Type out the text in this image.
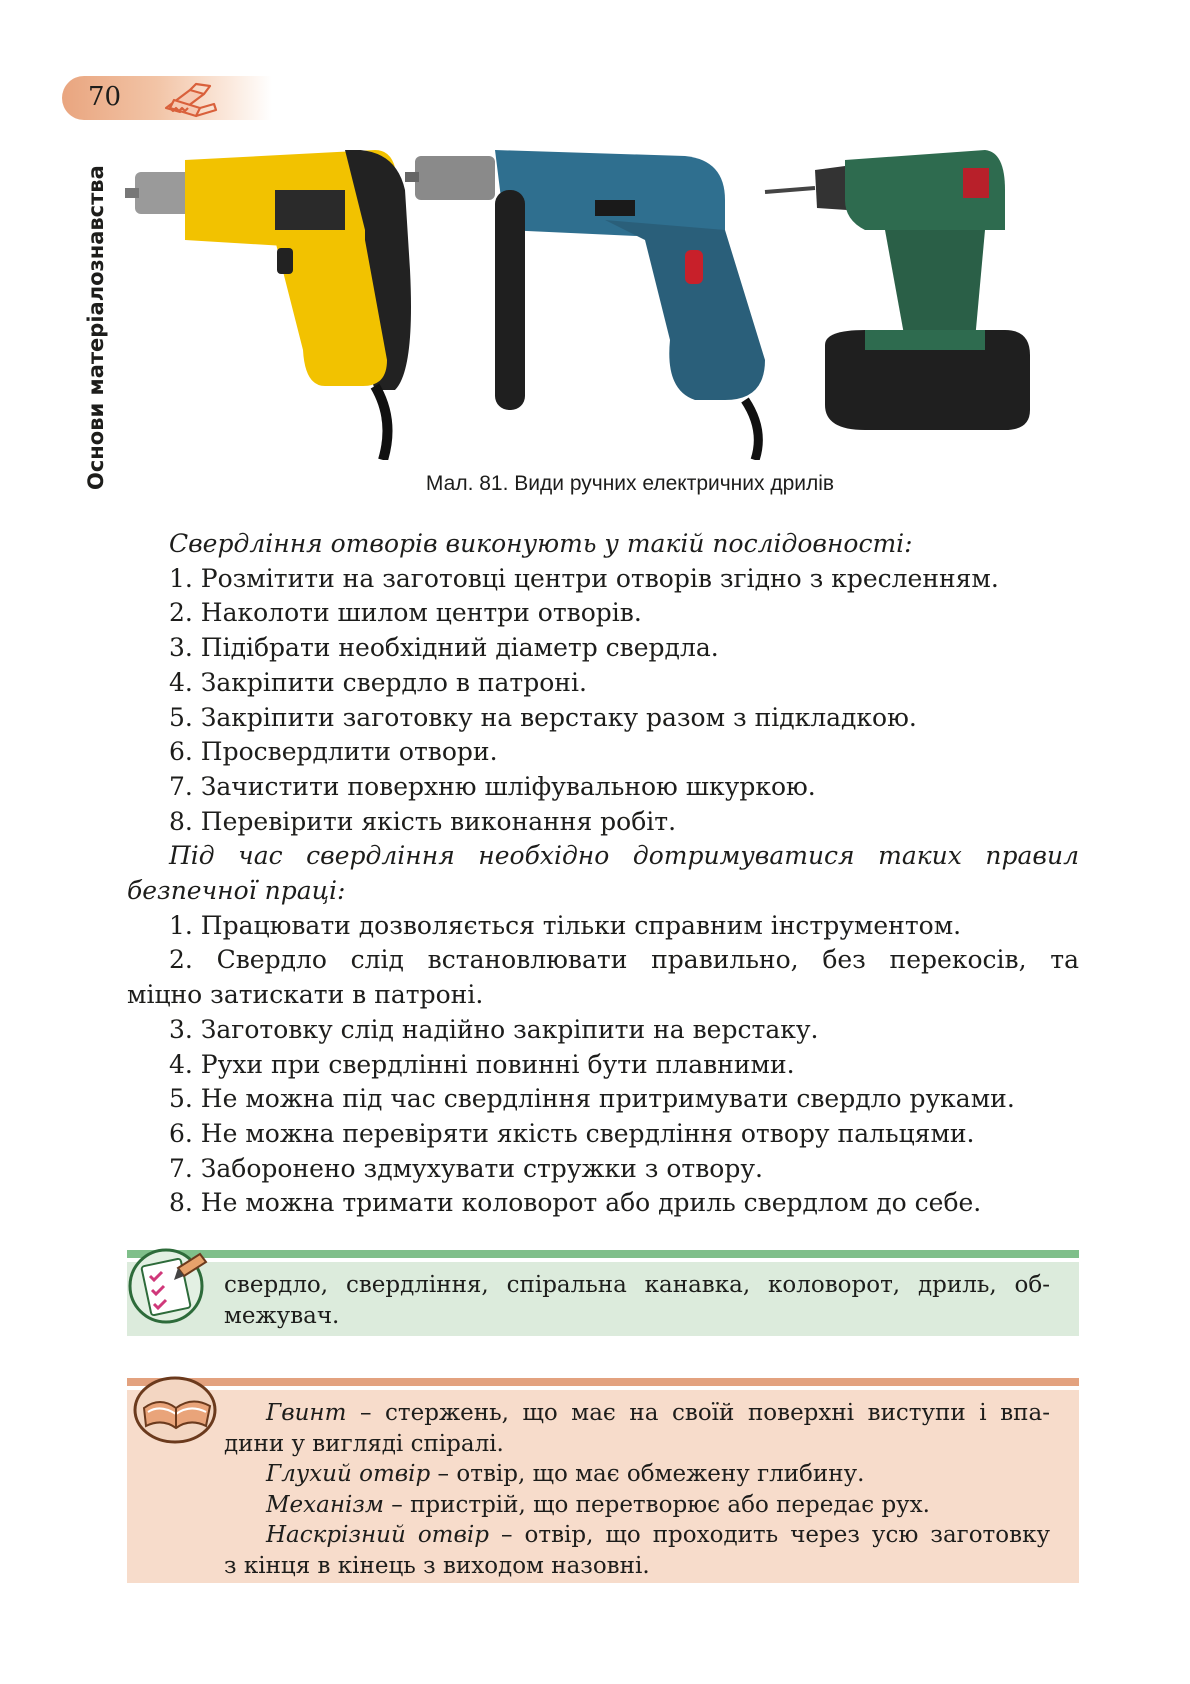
70
Основи матеріалознавства	Мал. 81. Види ручних електричних дрилів
Свердління отворів виконують у такій послідовності:
1. Розмітити на заготовці центри отворів згідно з кресленням.
2. Наколоти шилом центри отворів.
3. Підібрати необхідний діаметр свердла.
4. Закріпити свердло в патроні.
5. Закріпити заготовку на верстаку разом з підкладкою.
6. Просвердлити отвори.
7. Зачистити поверхню шліфувальною шкуркою.
8. Перевірити якість виконання робіт.
Під час свердління необхідно дотримуватися таких правил
безпечної праці:
1. Працювати дозволяється тільки справним інструментом.
2. Свердло слід встановлювати правильно, без перекосів, та
міцно затискати в патроні.
3. Заготовку слід надійно закріпити на верстаку.
4. Рухи при свердлінні повинні бути плавними.
5. Не можна під час свердління притримувати свердло руками.
6. Не можна перевіряти якість свердління отвору пальцями.
7. Заборонено здмухувати стружки з отвору.
8. Не можна тримати коловорот або дриль свердлом до себе.
свердло, свердління, спіральна канавка, коловорот, дриль, об-
межувач.
Гвинт – стержень, що має на своїй поверхні виступи і впа-
дини у вигляді спіралі.
Глухий отвір – отвір, що має обмежену глибину.
Механізм – пристрій, що перетворює або передає рух.
Наскрізний отвір – отвір, що проходить через усю заготовку
з кінця в кінець з виходом назовні.
